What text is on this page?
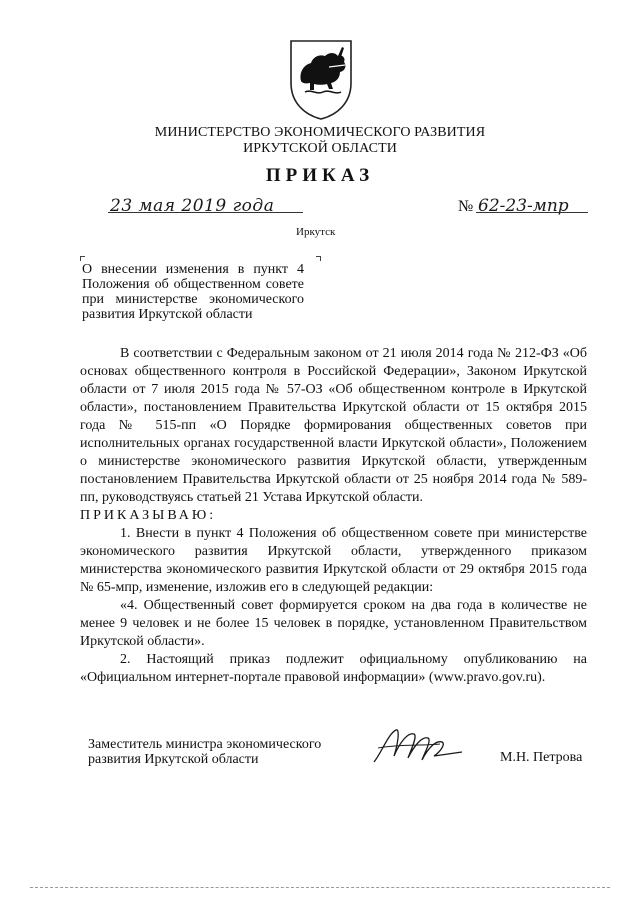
МИНИСТЕРСТВО ЭКОНОМИЧЕСКОГО РАЗВИТИЯ
ИРКУТСКОЙ ОБЛАСТИ
ПРИКАЗ
23 мая 2019 года	№ 62-23-мпр
Иркутск
О внесении изменения в пункт 4 Положения об общественном совете при министерстве экономического развития Иркутской области

В соответствии с Федеральным законом от 21 июля 2014 года № 212-ФЗ «Об основах общественного контроля в Российской Федерации», Законом Иркутской области от 7 июля 2015 года № 57-ОЗ «Об общественном контроле в Иркутской области», постановлением Правительства Иркутской области от 15 октября 2015 года № 515-пп «О Порядке формирования общественных советов при исполнительных органах государственной власти Иркутской области», Положением о министерстве экономического развития Иркутской области, утвержденным постановлением Правительства Иркутской области от 25 ноября 2014 года № 589-пп, руководствуясь статьей 21 Устава Иркутской области.

ПРИКАЗЫВАЮ:

1. Внести в пункт 4 Положения об общественном совете при министерстве экономического развития Иркутской области, утвержденного приказом министерства экономического развития Иркутской области от 29 октября 2015 года № 65-мпр, изменение, изложив его в следующей редакции:

«4. Общественный совет формируется сроком на два года в количестве не менее 9 человек и не более 15 человек в порядке, установленном Правительством Иркутской области».

2. Настоящий приказ подлежит официальному опубликованию на «Официальном интернет-портале правовой информации» (www.pravo.gov.ru).

Заместитель министра экономического развития Иркутской области	М.Н. Петрова
